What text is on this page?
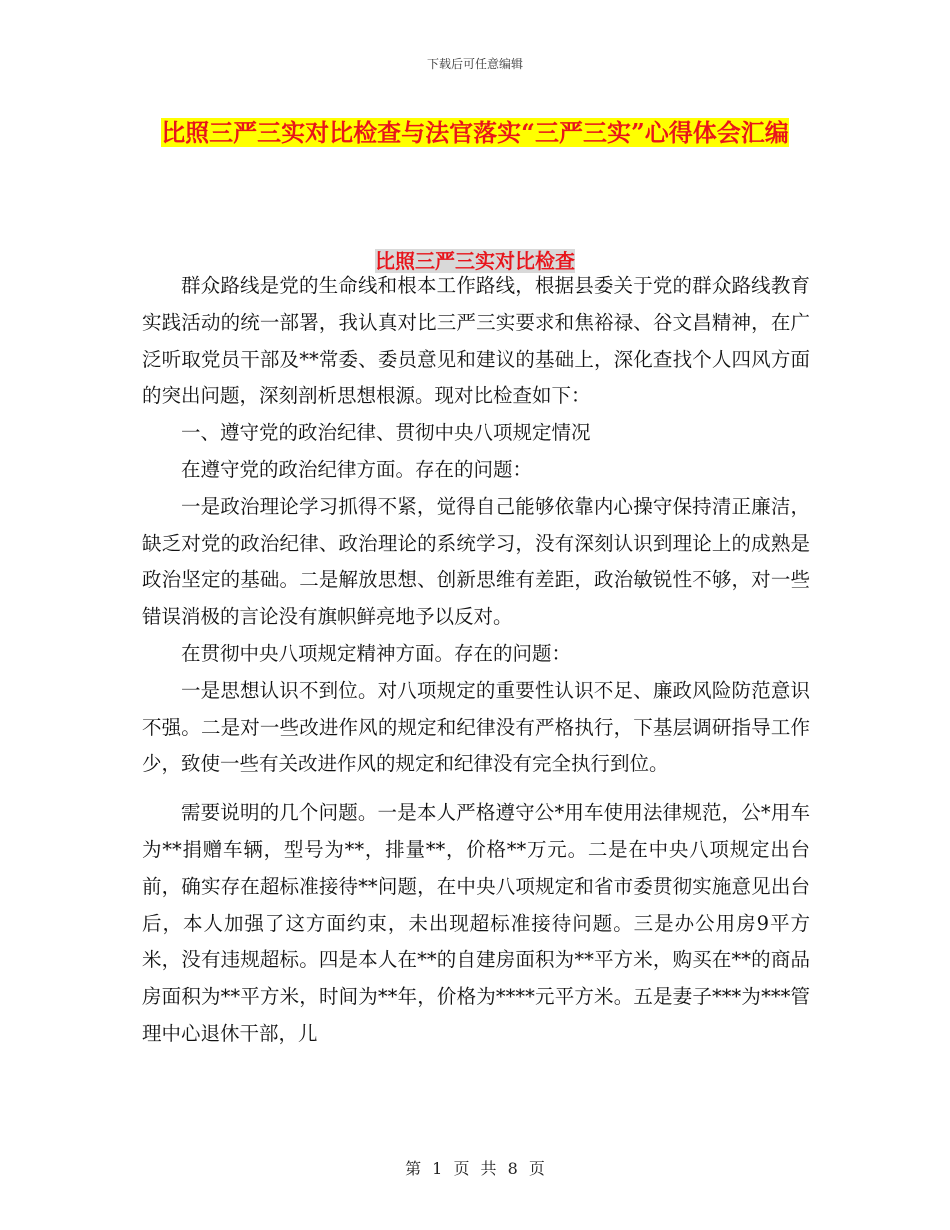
下载后可任意编辑
比照三严三实对比检查与法官落实“三严三实”心得体会汇编
比照三严三实对比检查

群众路线是党的生命线和根本工作路线，根据县委关于党的群众路线教育实践活动的统一部署，我认真对比三严三实要求和焦裕禄、谷文昌精神，在广泛听取党员干部及**常委、委员意见和建议的基础上，深化查找个人四风方面的突出问题，深刻剖析思想根源。现对比检查如下：

一、遵守党的政治纪律、贯彻中央八项规定情况

在遵守党的政治纪律方面。存在的问题：

一是政治理论学习抓得不紧，觉得自己能够依靠内心操守保持清正廉洁，缺乏对党的政治纪律、政治理论的系统学习，没有深刻认识到理论上的成熟是政治坚定的基础。二是解放思想、创新思维有差距，政治敏锐性不够，对一些错误消极的言论没有旗帜鲜亮地予以反对。

在贯彻中央八项规定精神方面。存在的问题：

一是思想认识不到位。对八项规定的重要性认识不足、廉政风险防范意识不强。二是对一些改进作风的规定和纪律没有严格执行，下基层调研指导工作少，致使一些有关改进作风的规定和纪律没有完全执行到位。

需要说明的几个问题。一是本人严格遵守公*用车使用法律规范，公*用车为**捐赠车辆，型号为**，排量**，价格**万元。二是在中央八项规定出台前，确实存在超标准接待**问题，在中央八项规定和省市委贯彻实施意见出台后，本人加强了这方面约束，未出现超标准接待问题。三是办公用房9平方米，没有违规超标。四是本人在**的自建房面积为**平方米，购买在**的商品房面积为**平方米，时间为**年，价格为****元平方米。五是妻子***为***管理中心退休干部，儿

第 1 页 共 8 页
